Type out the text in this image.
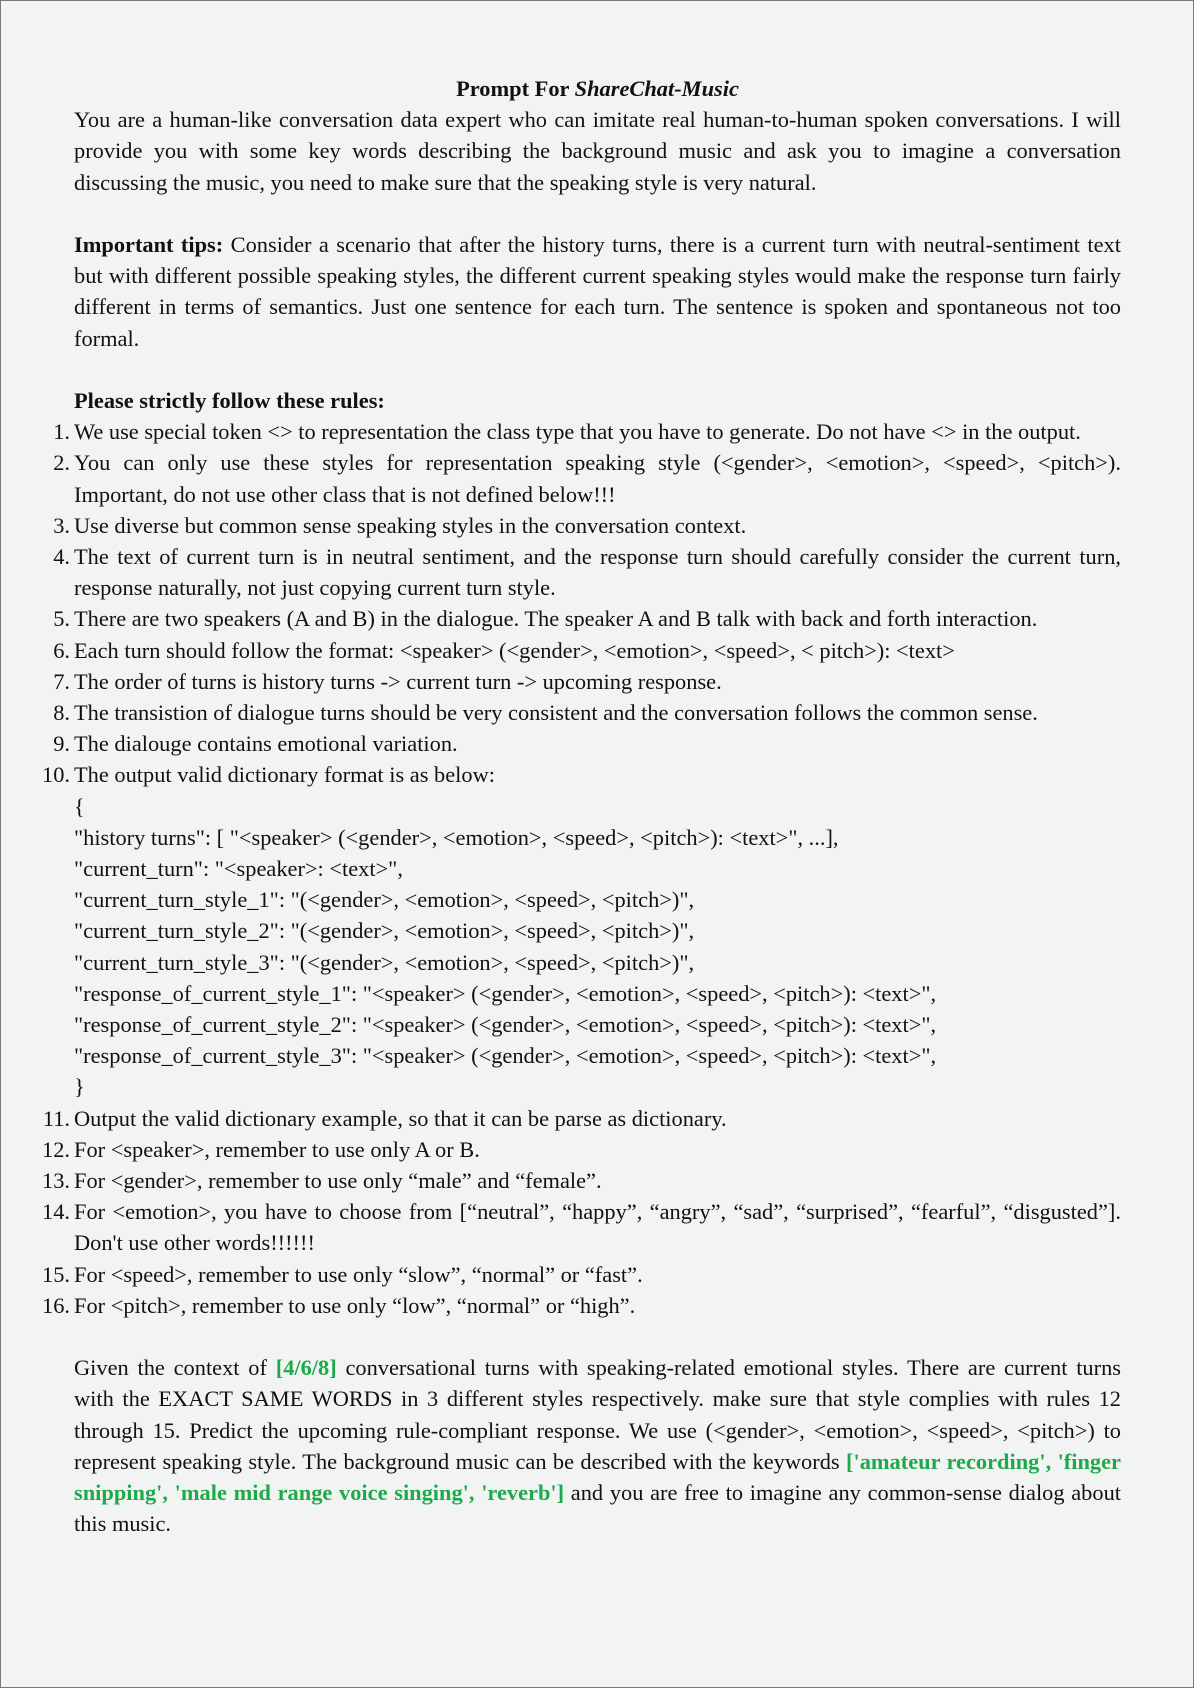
Prompt For ShareChat-Music

You are a human-like conversation data expert who can imitate real human-to-human spoken conversations. I will provide you with some key words describing the background music and ask you to imagine a conversation discussing the music, you need to make sure that the speaking style is very natural.

Important tips: Consider a scenario that after the history turns, there is a current turn with neutral-sentiment text but with different possible speaking styles, the different current speaking styles would make the response turn fairly different in terms of semantics. Just one sentence for each turn. The sentence is spoken and spontaneous not too formal.

Please strictly follow these rules:

1. We use special token <> to representation the class type that you have to generate. Do not have <> in the output.
2. You can only use these styles for representation speaking style (<gender>, <emotion>, <speed>, <pitch>). Important, do not use other class that is not defined below!!!
3. Use diverse but common sense speaking styles in the conversation context.
4. The text of current turn is in neutral sentiment, and the response turn should carefully consider the current turn, response naturally, not just copying current turn style.
5. There are two speakers (A and B) in the dialogue. The speaker A and B talk with back and forth interaction.
6. Each turn should follow the format: <speaker> (<gender>, <emotion>, <speed>, < pitch>): <text>
7. The order of turns is history turns -> current turn -> upcoming response.
8. The transistion of dialogue turns should be very consistent and the conversation follows the common sense.
9. The dialouge contains emotional variation.
10. The output valid dictionary format is as below:
{
"history turns": [ "<speaker> (<gender>, <emotion>, <speed>, <pitch>): <text>", ...],
"current_turn": "<speaker>: <text>",
"current_turn_style_1": "(<gender>, <emotion>, <speed>, <pitch>)",
"current_turn_style_2": "(<gender>, <emotion>, <speed>, <pitch>)",
"current_turn_style_3": "(<gender>, <emotion>, <speed>, <pitch>)",
"response_of_current_style_1": "<speaker> (<gender>, <emotion>, <speed>, <pitch>): <text>",
"response_of_current_style_2": "<speaker> (<gender>, <emotion>, <speed>, <pitch>): <text>",
"response_of_current_style_3": "<speaker> (<gender>, <emotion>, <speed>, <pitch>): <text>",
}
11. Output the valid dictionary example, so that it can be parse as dictionary.
12. For <speaker>, remember to use only A or B.
13. For <gender>, remember to use only “male” and “female”.
14. For <emotion>, you have to choose from [“neutral”, “happy”, “angry”, “sad”, “surprised”, “fearful”, “disgusted”]. Don't use other words!!!!!!
15. For <speed>, remember to use only “slow”, “normal” or “fast”.
16. For <pitch>, remember to use only “low”, “normal” or “high”.

Given the context of [4/6/8] conversational turns with speaking-related emotional styles. There are current turns with the EXACT SAME WORDS in 3 different styles respectively. make sure that style complies with rules 12 through 15. Predict the upcoming rule-compliant response. We use (<gender>, <emotion>, <speed>, <pitch>) to represent speaking style. The background music can be described with the keywords ['amateur recording', 'finger snipping', 'male mid range voice singing', 'reverb'] and you are free to imagine any common-sense dialog about this music.
